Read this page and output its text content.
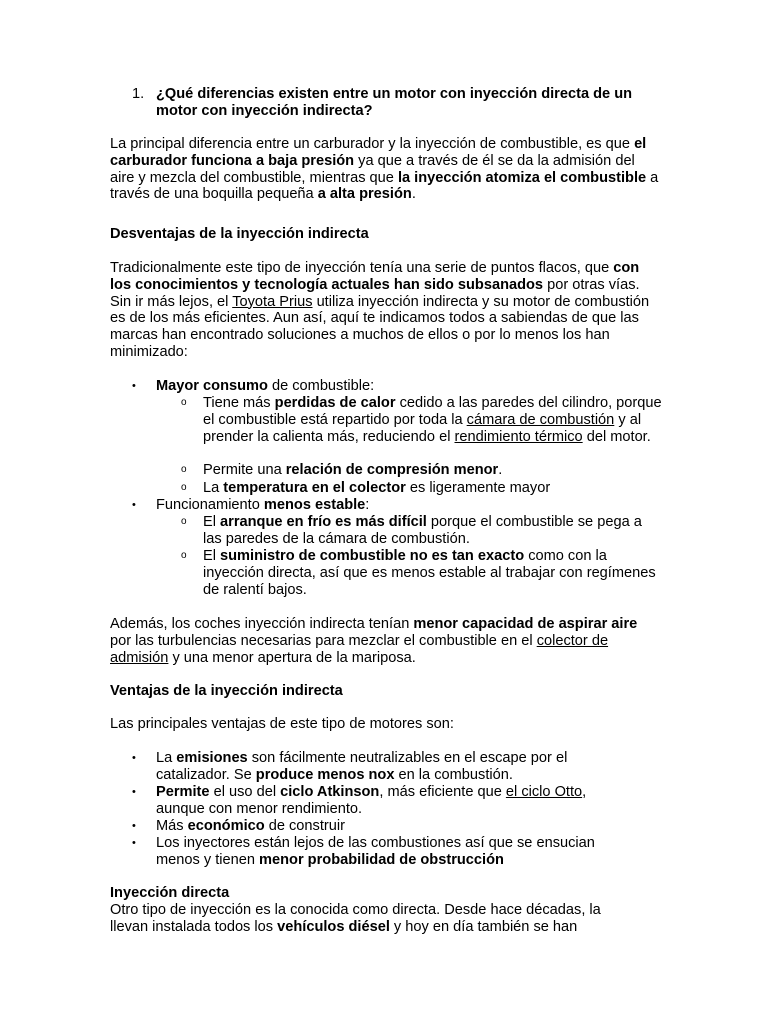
1. ¿Qué diferencias existen entre un motor con inyección directa de un motor con inyección indirecta?

La principal diferencia entre un carburador y la inyección de combustible, es que el carburador funciona a baja presión ya que a través de él se da la admisión del aire y mezcla del combustible, mientras que la inyección atomiza el combustible a través de una boquilla pequeña a alta presión.

Desventajas de la inyección indirecta

Tradicionalmente este tipo de inyección tenía una serie de puntos flacos, que con los conocimientos y tecnología actuales han sido subsanados por otras vías. Sin ir más lejos, el Toyota Prius utiliza inyección indirecta y su motor de combustión es de los más eficientes. Aun así, aquí te indicamos todos a sabiendas de que las marcas han encontrado soluciones a muchos de ellos o por lo menos los han minimizado:

• Mayor consumo de combustible:

o Tiene más perdidas de calor cedido a las paredes del cilindro, porque el combustible está repartido por toda la cámara de combustión y al prender la calienta más, reduciendo el rendimiento térmico del motor.

o Permite una relación de compresión menor.

o La temperatura en el colector es ligeramente mayor

• Funcionamiento menos estable:

o El arranque en frío es más difícil porque el combustible se pega a las paredes de la cámara de combustión.

o El suministro de combustible no es tan exacto como con la inyección directa, así que es menos estable al trabajar con regímenes de ralentí bajos.

Además, los coches inyección indirecta tenían menor capacidad de aspirar aire por las turbulencias necesarias para mezclar el combustible en el colector de admisión y una menor apertura de la mariposa.

Ventajas de la inyección indirecta

Las principales ventajas de este tipo de motores son:

• La emisiones son fácilmente neutralizables en el escape por el catalizador. Se produce menos nox en la combustión.

• Permite el uso del ciclo Atkinson, más eficiente que el ciclo Otto, aunque con menor rendimiento.

• Más económico de construir

• Los inyectores están lejos de las combustiones así que se ensucian menos y tienen menor probabilidad de obstrucción

Inyección directa

Otro tipo de inyección es la conocida como directa. Desde hace décadas, la llevan instalada todos los vehículos diésel y hoy en día también se han
